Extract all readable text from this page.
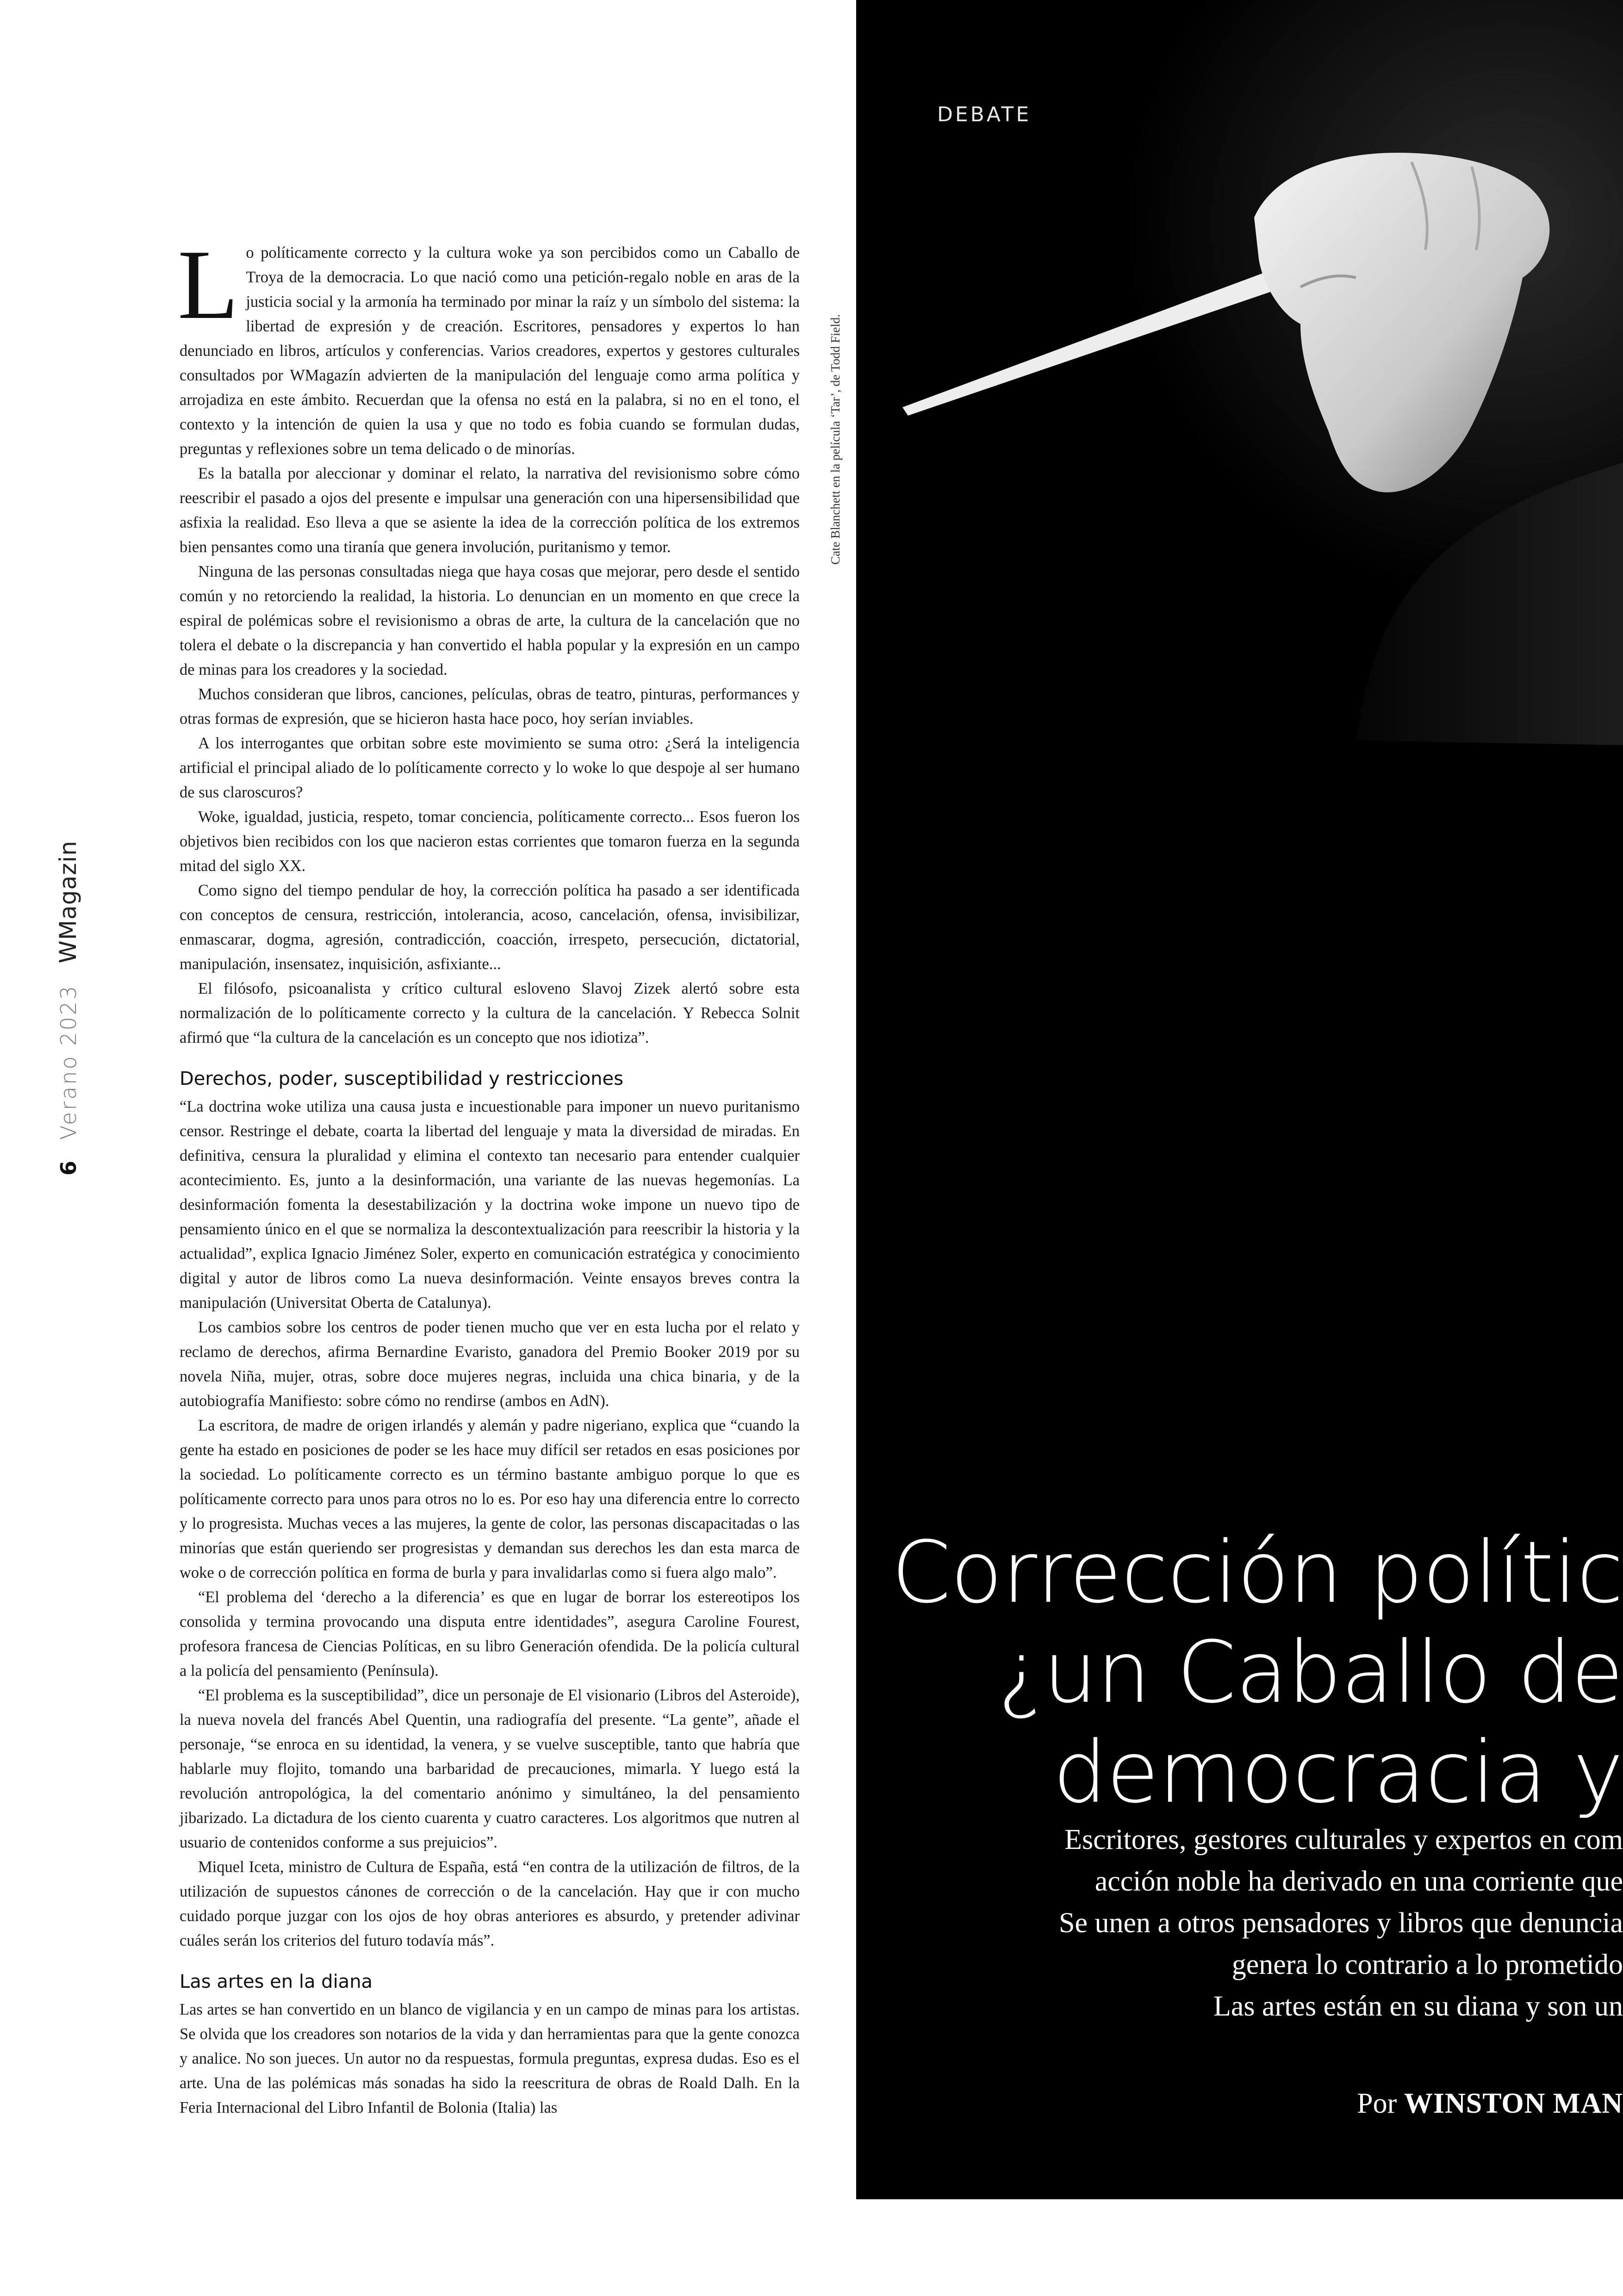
6 Verano 2023 WMagazin

L o políticamente correcto y la cultura woke ya son percibidos como un Caballo de Troya de la democracia. Lo que nació como una petición-regalo noble en aras de la justicia social y la armonía ha terminado por minar la raíz y un símbolo del sistema: la libertad de expresión y de creación. Escritores, pensadores y expertos lo han denunciado en libros, artículos y conferencias. Varios creadores, expertos y gestores culturales consultados por WMagazín advierten de la manipulación del lenguaje como arma política y arrojadiza en este ámbito. Recuerdan que la ofensa no está en la palabra, si no en el tono, el contexto y la intención de quien la usa y que no todo es fobia cuando se formulan dudas, preguntas y reflexiones sobre un tema delicado o de minorías.

Es la batalla por aleccionar y dominar el relato, la narrativa del revisionismo sobre cómo reescribir el pasado a ojos del presente e impulsar una generación con una hipersensibilidad que asfixia la realidad. Eso lleva a que se asiente la idea de la corrección política de los extremos bien pensantes como una tiranía que genera involución, puritanismo y temor.

Ninguna de las personas consultadas niega que haya cosas que mejorar, pero desde el sentido común y no retorciendo la realidad, la historia. Lo denuncian en un momento en que crece la espiral de polémicas sobre el revisionismo a obras de arte, la cultura de la cancelación que no tolera el debate o la discrepancia y han convertido el habla popular y la expresión en un campo de minas para los creadores y la sociedad.

Muchos consideran que libros, canciones, películas, obras de teatro, pinturas, performances y otras formas de expresión, que se hicieron hasta hace poco, hoy serían inviables.

A los interrogantes que orbitan sobre este movimiento se suma otro: ¿Será la inteligencia artificial el principal aliado de lo políticamente correcto y lo woke lo que despoje al ser humano de sus claroscuros?

Woke, igualdad, justicia, respeto, tomar conciencia, políticamente correcto... Esos fueron los objetivos bien recibidos con los que nacieron estas corrientes que tomaron fuerza en la segunda mitad del siglo XX.

Como signo del tiempo pendular de hoy, la corrección política ha pasado a ser identificada con conceptos de censura, restricción, intolerancia, acoso, cancelación, ofensa, invisibilizar, enmascarar, dogma, agresión, contradicción, coacción, irrespeto, persecución, dictatorial, manipulación, insensatez, inquisición, asfixiante...

El filósofo, psicoanalista y crítico cultural esloveno Slavoj Zizek alertó sobre esta normalización de lo políticamente correcto y la cultura de la cancelación. Y Rebecca Solnit afirmó que “la cultura de la cancelación es un concepto que nos idiotiza”.

Derechos, poder, susceptibilidad y restricciones

“La doctrina woke utiliza una causa justa e incuestionable para imponer un nuevo puritanismo censor. Restringe el debate, coarta la libertad del lenguaje y mata la diversidad de miradas. En definitiva, censura la pluralidad y elimina el contexto tan necesario para entender cualquier acontecimiento. Es, junto a la desinformación, una variante de las nuevas hegemonías. La desinformación fomenta la desestabilización y la doctrina woke impone un nuevo tipo de pensamiento único en el que se normaliza la descontextualización para reescribir la historia y la actualidad”, explica Ignacio Jiménez Soler, experto en comunicación estratégica y conocimiento digital y autor de libros como La nueva desinformación. Veinte ensayos breves contra la manipulación (Universitat Oberta de Catalunya).

Los cambios sobre los centros de poder tienen mucho que ver en esta lucha por el relato y reclamo de derechos, afirma Bernardine Evaristo, ganadora del Premio Booker 2019 por su novela Niña, mujer, otras, sobre doce mujeres negras, incluida una chica binaria, y de la autobiografía Manifiesto: sobre cómo no rendirse (ambos en AdN).

La escritora, de madre de origen irlandés y alemán y padre nigeriano, explica que “cuando la gente ha estado en posiciones de poder se les hace muy difícil ser retados en esas posiciones por la sociedad. Lo políticamente correcto es un término bastante ambiguo porque lo que es políticamente correcto para unos para otros no lo es. Por eso hay una diferencia entre lo correcto y lo progresista. Muchas veces a las mujeres, la gente de color, las personas discapacitadas o las minorías que están queriendo ser progresistas y demandan sus derechos les dan esta marca de woke o de corrección política en forma de burla y para invalidarlas como si fuera algo malo”.

“El problema del ‘derecho a la diferencia’ es que en lugar de borrar los estereotipos los consolida y termina provocando una disputa entre identidades”, asegura Caroline Fourest, profesora francesa de Ciencias Políticas, en su libro Generación ofendida. De la policía cultural a la policía del pensamiento (Península).

“El problema es la susceptibilidad”, dice un personaje de El visionario (Libros del Asteroide), la nueva novela del francés Abel Quentin, una radiografía del presente. “La gente”, añade el personaje, “se enroca en su identidad, la venera, y se vuelve susceptible, tanto que habría que hablarle muy flojito, tomando una barbaridad de precauciones, mimarla. Y luego está la revolución antropológica, la del comentario anónimo y simultáneo, la del pensamiento jibarizado. La dictadura de los ciento cuarenta y cuatro caracteres. Los algoritmos que nutren al usuario de contenidos conforme a sus prejuicios”.

Miquel Iceta, ministro de Cultura de España, está “en contra de la utilización de filtros, de la utilización de supuestos cánones de corrección o de la cancelación. Hay que ir con mucho cuidado porque juzgar con los ojos de hoy obras anteriores es absurdo, y pretender adivinar cuáles serán los criterios del futuro todavía más”.

Las artes en la diana

Las artes se han convertido en un blanco de vigilancia y en un campo de minas para los artistas. Se olvida que los creadores son notarios de la vida y dan herramientas para que la gente conozca y analice. No son jueces. Un autor no da respuestas, formula preguntas, expresa dudas. Eso es el arte. Una de las polémicas más sonadas ha sido la reescritura de obras de Roald Dalh. En la Feria Internacional del Libro Infantil de Bolonia (Italia) las

Cate Blanchett en la película ‘Tar’, de Todd Field.
DEBATE
Corrección polític
¿un Caballo de
democracia y
Escritores, gestores culturales y expertos en com
acción noble ha derivado en una corriente que
Se unen a otros pensadores y libros que denuncia
genera lo contrario a lo prometido
Las artes están en su diana y son un
Por WINSTON MAN
